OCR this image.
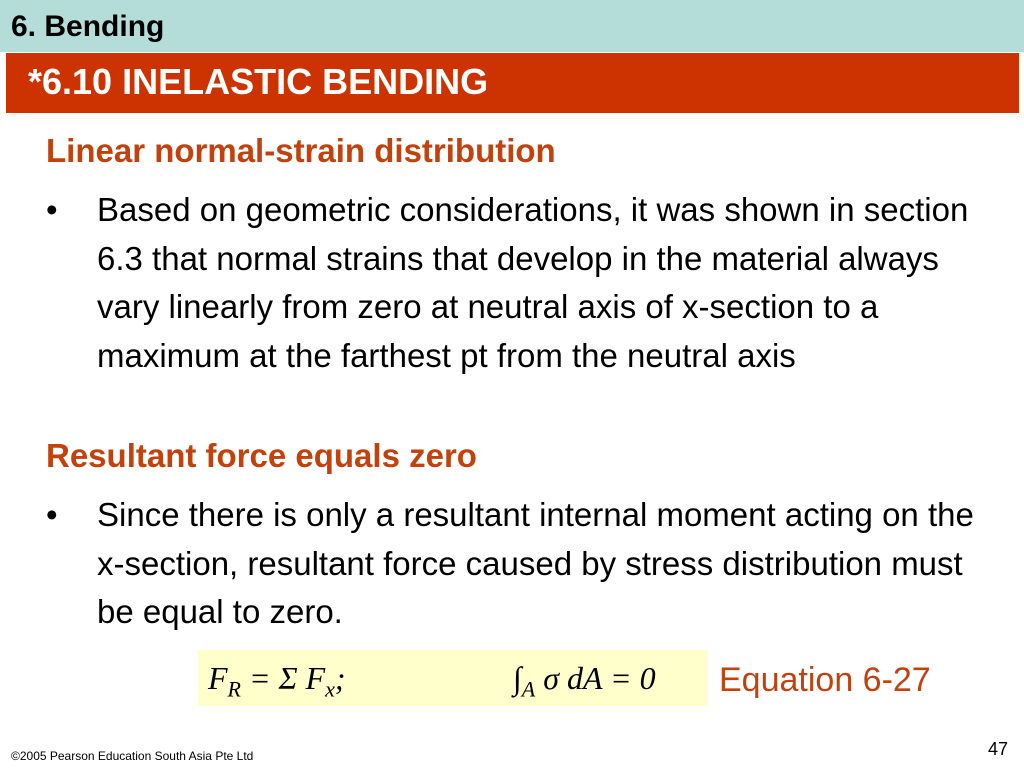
6. Bending
*6.10 INELASTIC BENDING
Linear normal-strain distribution
•	Based on geometric considerations, it was shown in section 6.3 that normal strains that develop in the material always vary linearly from zero at neutral axis of x-section to a maximum at the farthest pt from the neutral axis

Resultant force equals zero
•	Since there is only a resultant internal moment acting on the x-section, resultant force caused by stress distribution must be equal to zero.

$F_R = \Sigma$ $F_x$;	$\int_A$ σ dA = 0 Equation 6-27

©2005 Pearson Education South Asia Pte Ltd	47
